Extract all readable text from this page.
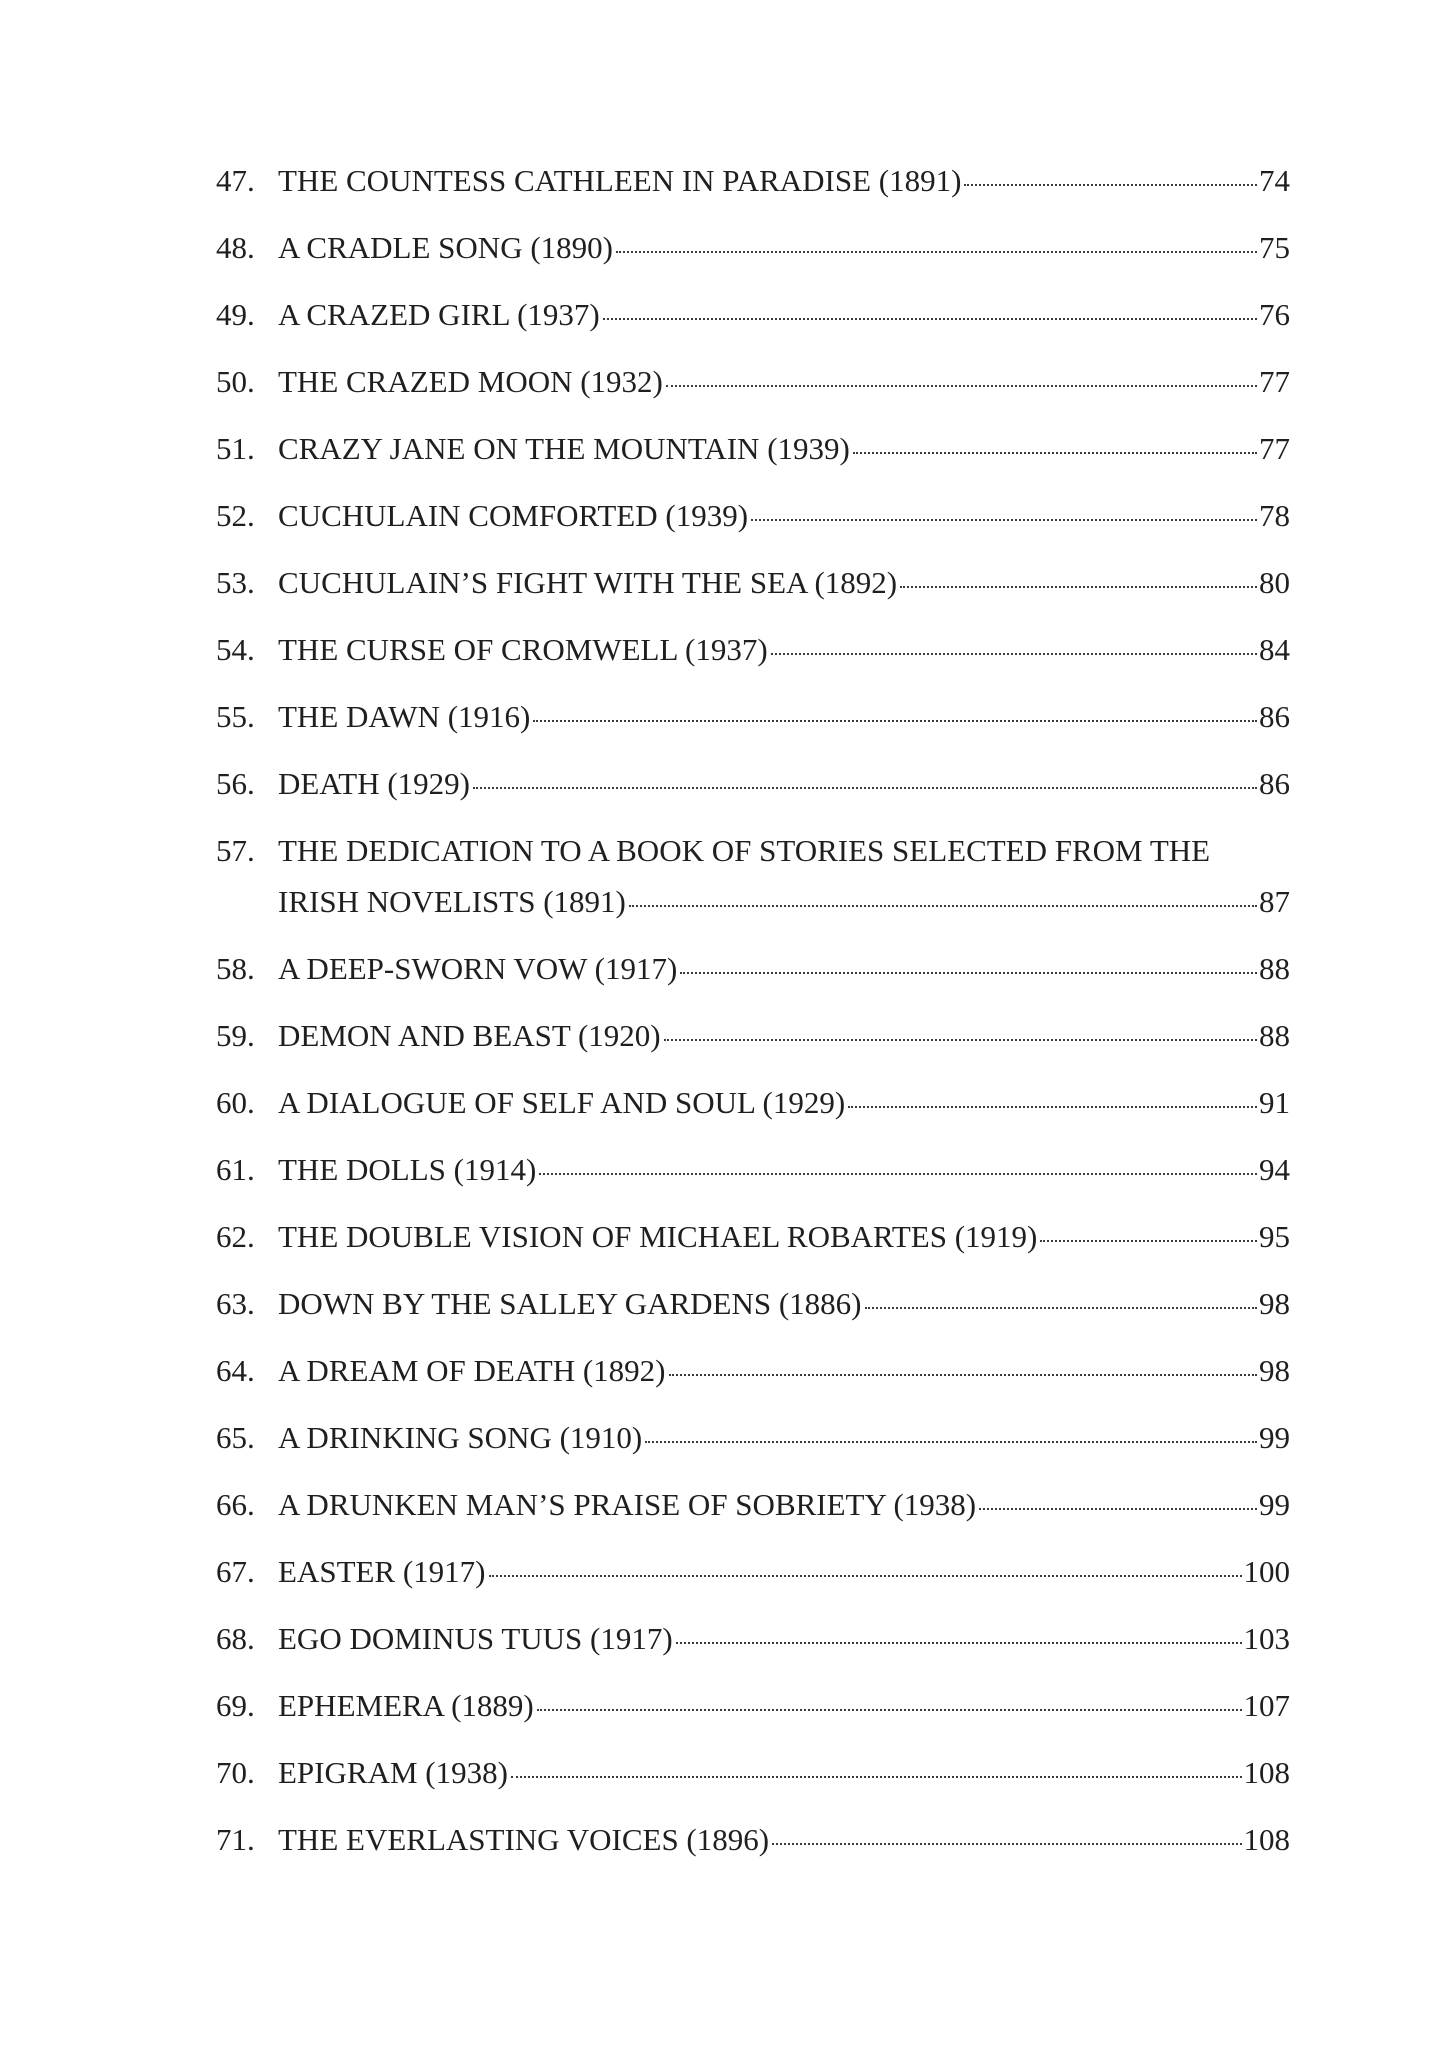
47. THE COUNTESS CATHLEEN IN PARADISE (1891)	74
48. A CRADLE SONG (1890)	75
49. A CRAZED GIRL (1937)	76
50. THE CRAZED MOON (1932)	77
51. CRAZY JANE ON THE MOUNTAIN (1939)	77
52. CUCHULAIN COMFORTED (1939)	78
53. CUCHULAIN’S FIGHT WITH THE SEA (1892)	80
54. THE CURSE OF CROMWELL (1937)	84
55. THE DAWN (1916)	86
56. DEATH (1929)	86
57. THE DEDICATION TO A BOOK OF STORIES SELECTED FROM THE
IRISH NOVELISTS (1891)	87
58. A DEEP-SWORN VOW (1917)	88
59. DEMON AND BEAST (1920)	88
60. A DIALOGUE OF SELF AND SOUL (1929)	91
61. THE DOLLS (1914)	94
62. THE DOUBLE VISION OF MICHAEL ROBARTES (1919)	95
63. DOWN BY THE SALLEY GARDENS (1886)	98
64. A DREAM OF DEATH (1892)	98
65. A DRINKING SONG (1910)	99
66. A DRUNKEN MAN’S PRAISE OF SOBRIETY (1938)	99
67. EASTER (1917)	100
68. EGO DOMINUS TUUS (1917)	103
69. EPHEMERA (1889)	107
70. EPIGRAM (1938)	108
71. THE EVERLASTING VOICES (1896)	108
